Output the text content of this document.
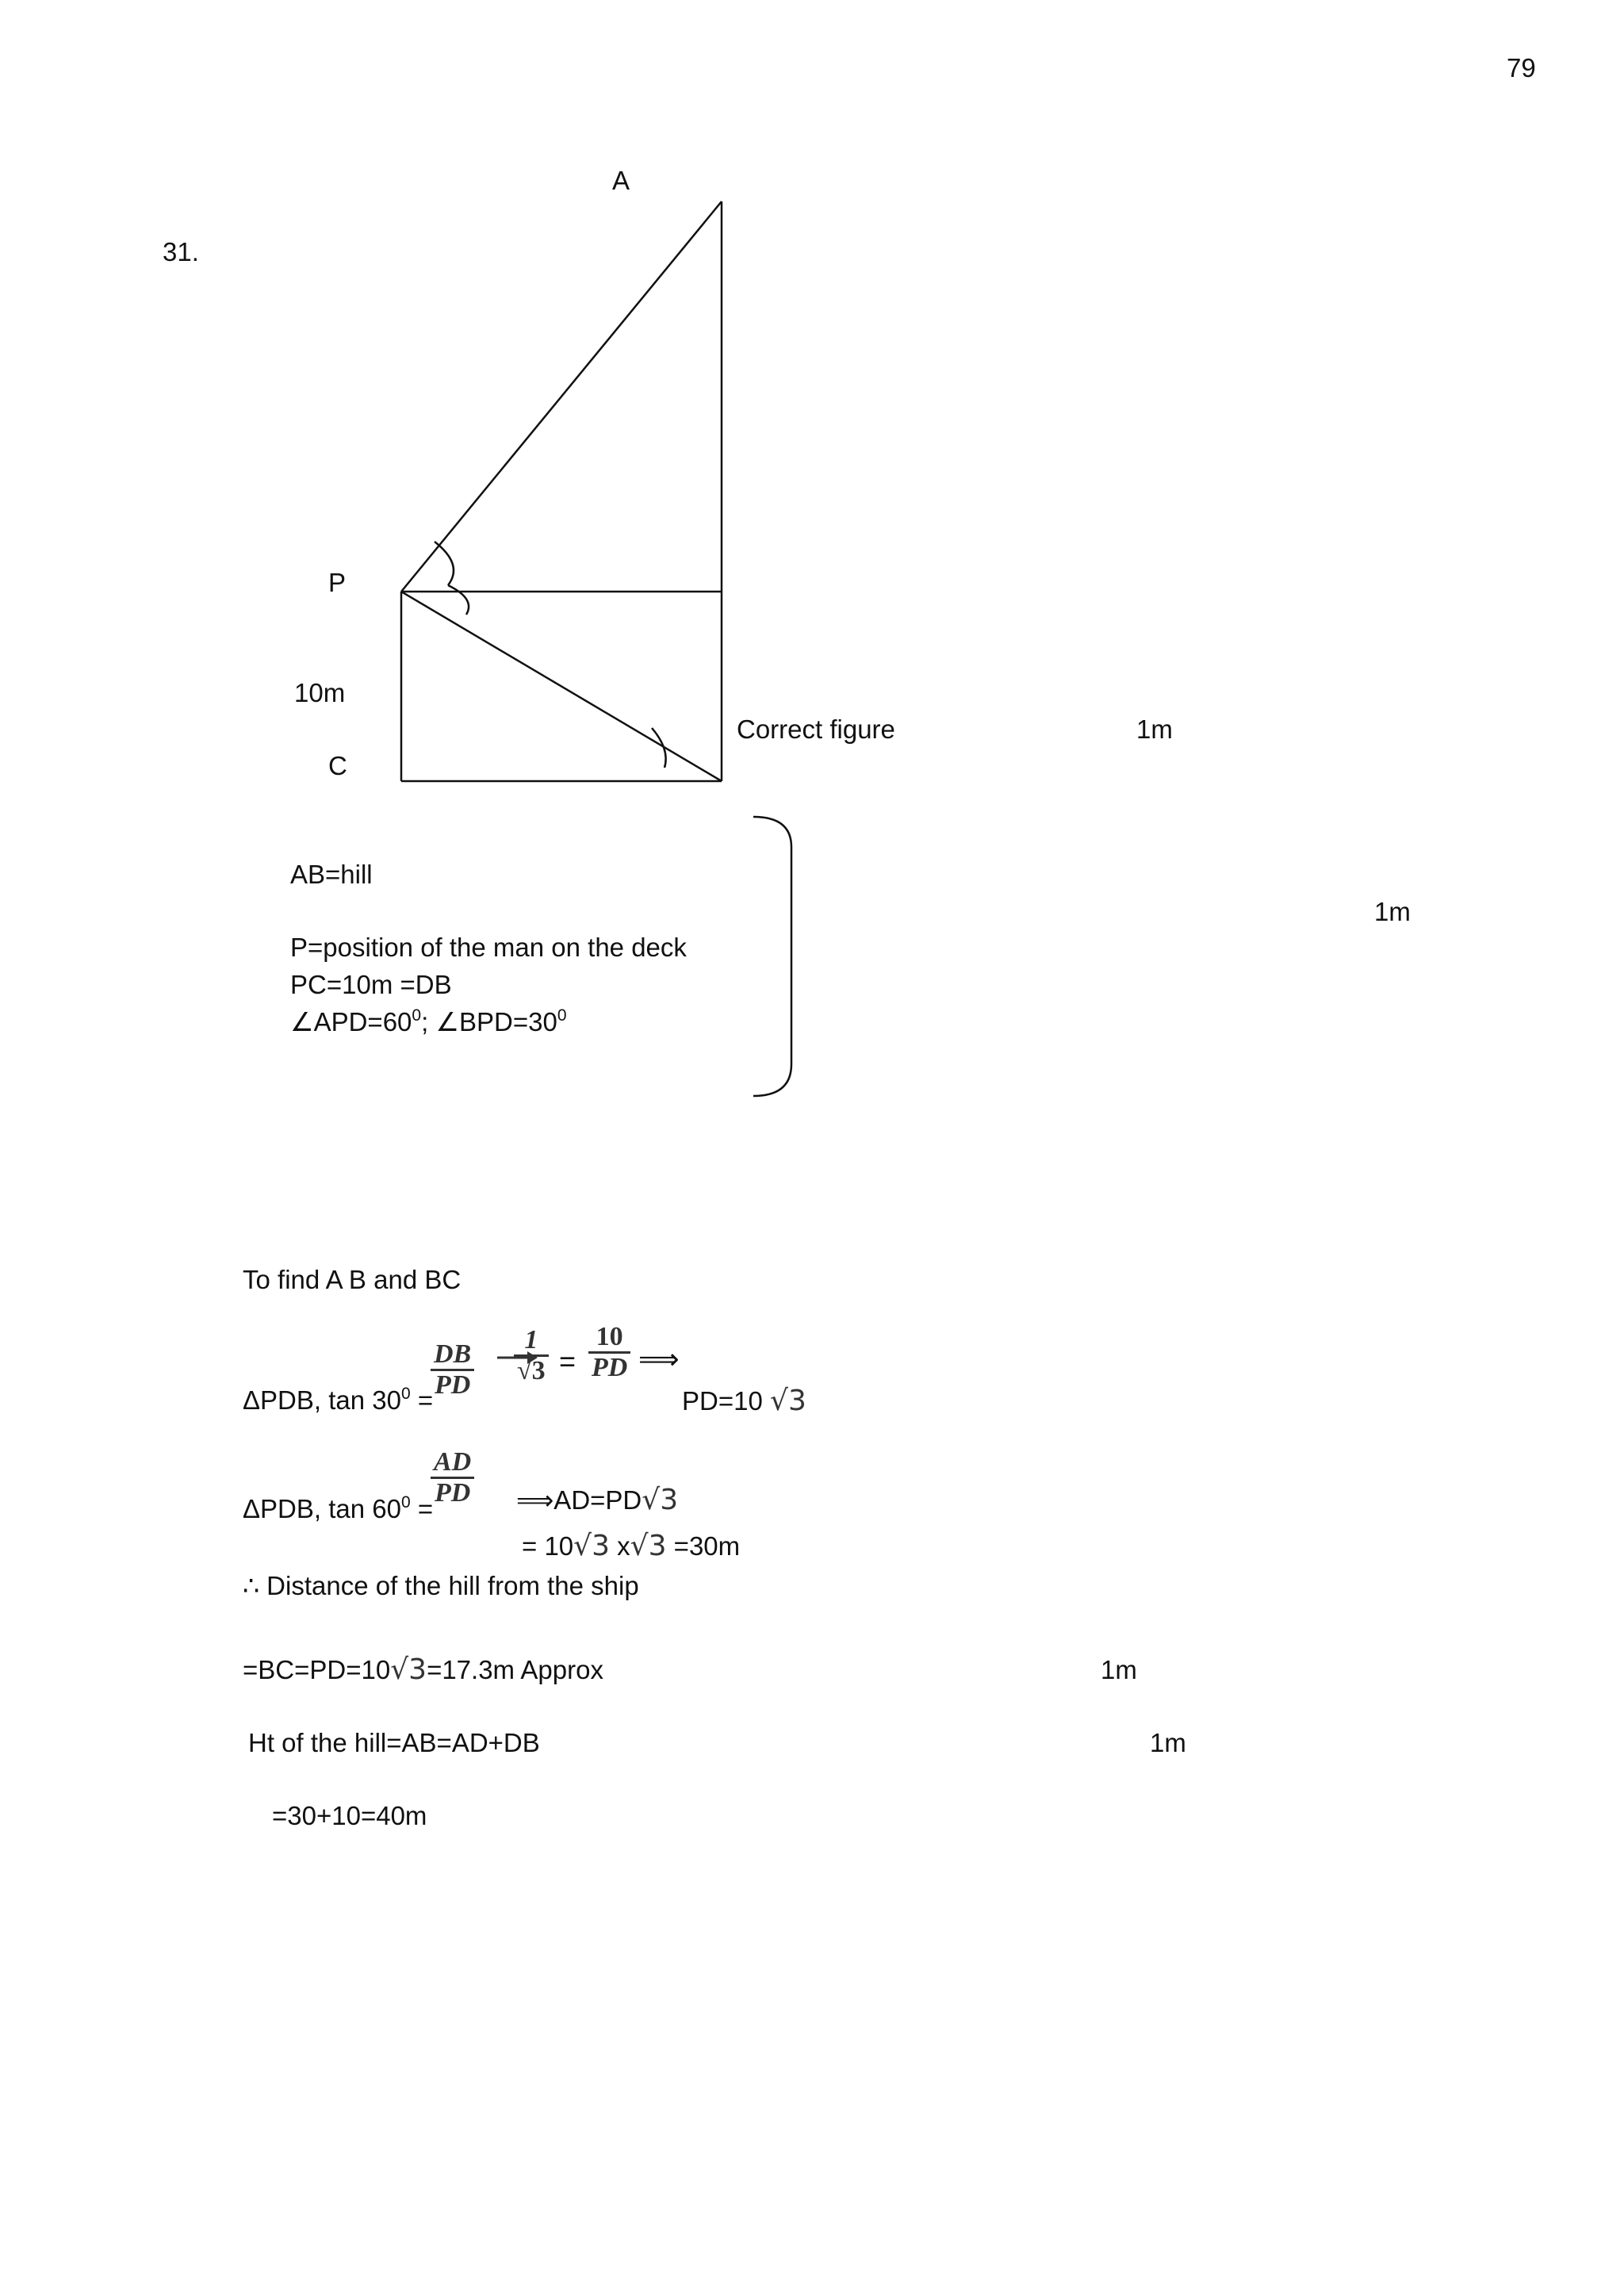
79
31.
A
P
10m
C
Correct figure	1m
AB=hill
P=position of the man on the deck
PC=10m =DB
$\angle APD=60^0$; $\angle BPD=30^0$
1m
To find A B and BC
ΔPDB, $\tan 30^0$ =
$\frac{DB}{PD} \frac{1}{√3} = \frac{10}{PD}$ ⟹
PD=10 √3
ΔPDB, $\tan 60^0$ =
$\frac{AD}{PD}$ ⟹AD=PD√3
= 10√3 x√3 =30m
∴ Distance of the hill from the ship
=BC=PD=10√3=17.3m Approx	1m
Ht of the hill=AB=AD+DB	1m
=30+10=40m
